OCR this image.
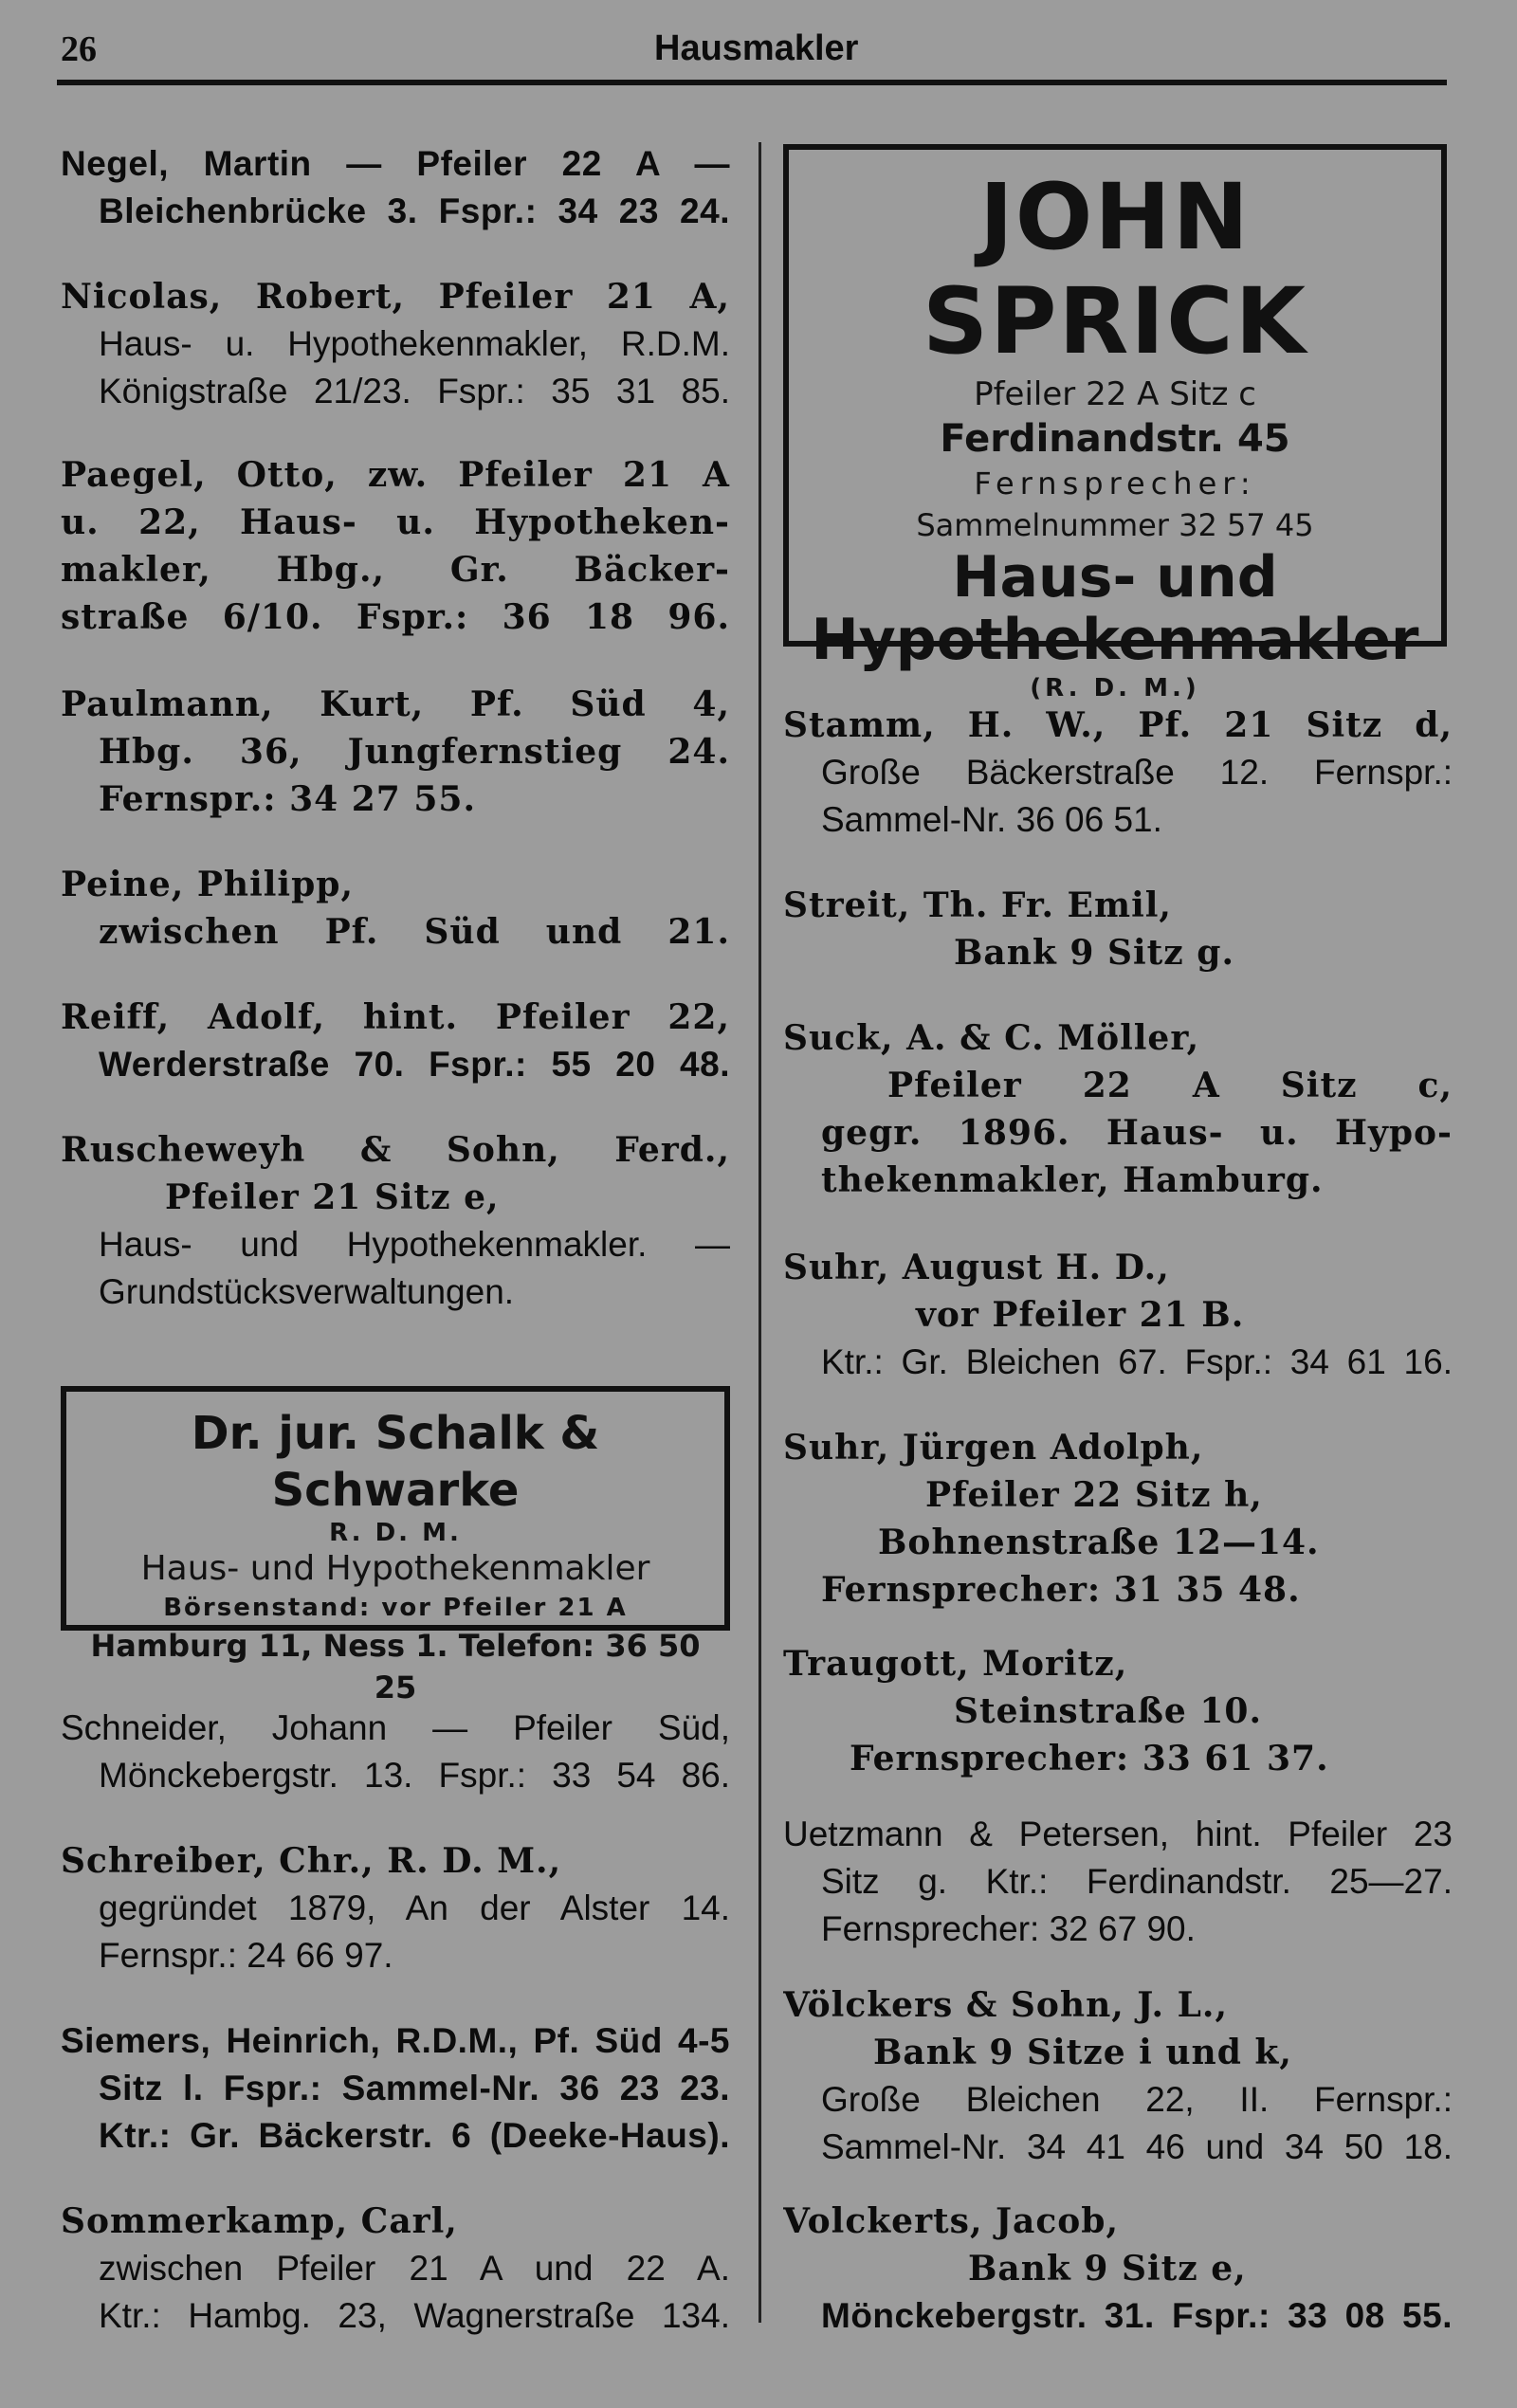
26	Hausmakler
Negel, Martin — Pfeiler 22 A —
Bleichenbrücke 3. Fspr.: 34 23 24.
Nicolas, Robert, Pfeiler 21 A,
Haus- u. Hypothekenmakler, R.D.M.
Königstraße 21/23. Fspr.: 35 31 85.
Paegel, Otto, zw. Pfeiler 21 A
u. 22, Haus- u. Hypotheken-
makler, Hbg., Gr. Bäcker-
straße 6/10. Fspr.: 36 18 96.
Paulmann, Kurt, Pf. Süd 4,
Hbg. 36, Jungfernstieg 24.
Fernspr.: 34 27 55.
Peine, Philipp,
zwischen Pf. Süd und 21.
Reiff, Adolf, hint. Pfeiler 22,
Werderstraße 70. Fspr.: 55 20 48.
Ruscheweyh & Sohn, Ferd.,
Pfeiler 21 Sitz e,
Haus- und Hypothekenmakler. —
Grundstücksverwaltungen.
Schneider, Johann — Pfeiler Süd,
Mönckebergstr. 13. Fspr.: 33 54 86.
Schreiber, Chr., R. D. M.,
gegründet 1879, An der Alster 14.
Fernspr.: 24 66 97.
Siemers, Heinrich, R.D.M., Pf. Süd 4-5
Sitz l. Fspr.: Sammel-Nr. 36 23 23.
Ktr.: Gr. Bäckerstr. 6 (Deeke-Haus).
Sommerkamp, Carl,
zwischen Pfeiler 21 A und 22 A.
Ktr.: Hambg. 23, Wagnerstraße 134.
Dr. jur. Schalk & Schwarke
R. D. M.
Haus- und Hypothekenmakler
Börsenstand: vor Pfeiler 21 A
Hamburg 11, Ness 1. Telefon: 36 50 25
JOHN SPRICK
Pfeiler 22 A Sitz c
Ferdinandstr. 45
Fernsprecher:
Sammelnummer 32 57 45
Haus- und
Hypothekenmakler
(R. D. M.)
Stamm, H. W., Pf. 21 Sitz d,
Große Bäckerstraße 12. Fernspr.:
Sammel-Nr. 36 06 51.
Streit, Th. Fr. Emil,
Bank 9 Sitz g.
Suck, A. & C. Möller,
Pfeiler 22 A Sitz c,
gegr. 1896. Haus- u. Hypo-
thekenmakler, Hamburg.
Suhr, August H. D.,
vor Pfeiler 21 B.
Ktr.: Gr. Bleichen 67. Fspr.: 34 61 16.
Suhr, Jürgen Adolph,
Pfeiler 22 Sitz h,
Bohnenstraße 12—14.
Fernsprecher: 31 35 48.
Traugott, Moritz,
Steinstraße 10.
Fernsprecher: 33 61 37.
Uetzmann & Petersen, hint. Pfeiler 23
Sitz g. Ktr.: Ferdinandstr. 25—27.
Fernsprecher: 32 67 90.
Völckers & Sohn, J. L.,
Bank 9 Sitze i und k,
Große Bleichen 22, II. Fernspr.:
Sammel-Nr. 34 41 46 und 34 50 18.
Volckerts, Jacob,
Bank 9 Sitz e,
Mönckebergstr. 31. Fspr.: 33 08 55.
